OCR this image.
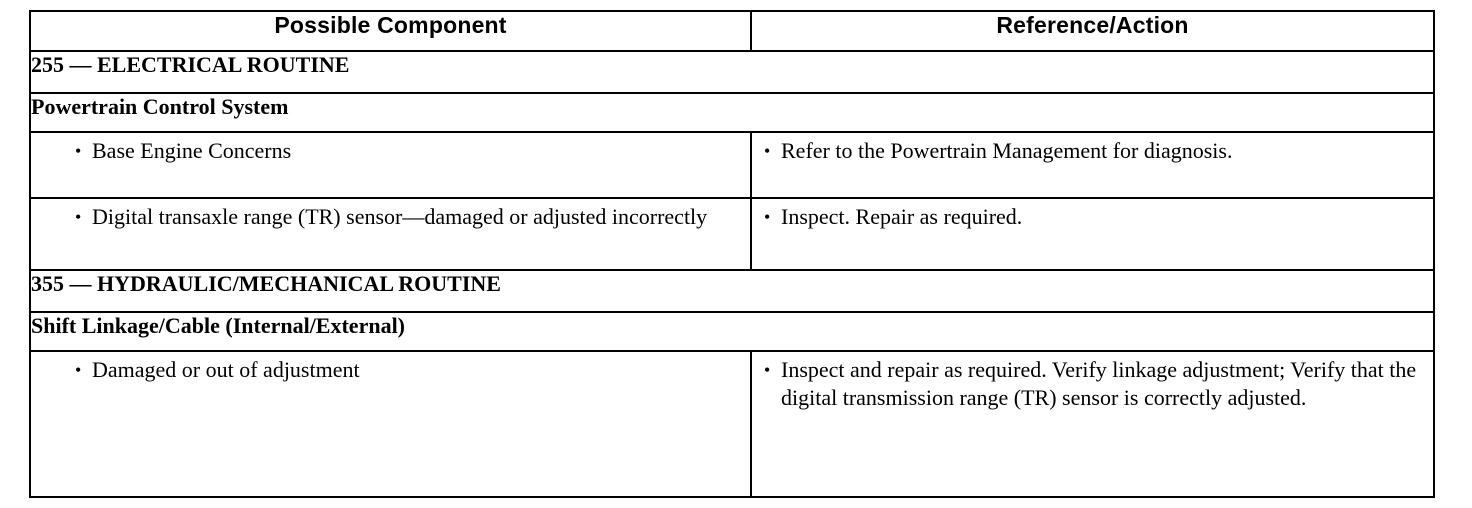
Possible Component	Reference/Action
255 — ELECTRICAL ROUTINE	
Powertrain Control System	

• Base Engine Concerns	• Refer to the Powertrain Management for diagnosis.

• Digital transaxle range (TR) sensor—damaged or adjusted incorrectly	• Inspect. Repair as required.

355 — HYDRAULIC/MECHANICAL ROUTINE	
Shift Linkage/Cable (Internal/External)	

• Damaged or out of adjustment	• Inspect and repair as required. Verify linkage adjustment; Verify that the digital transmission range (TR) sensor is correctly adjusted.
